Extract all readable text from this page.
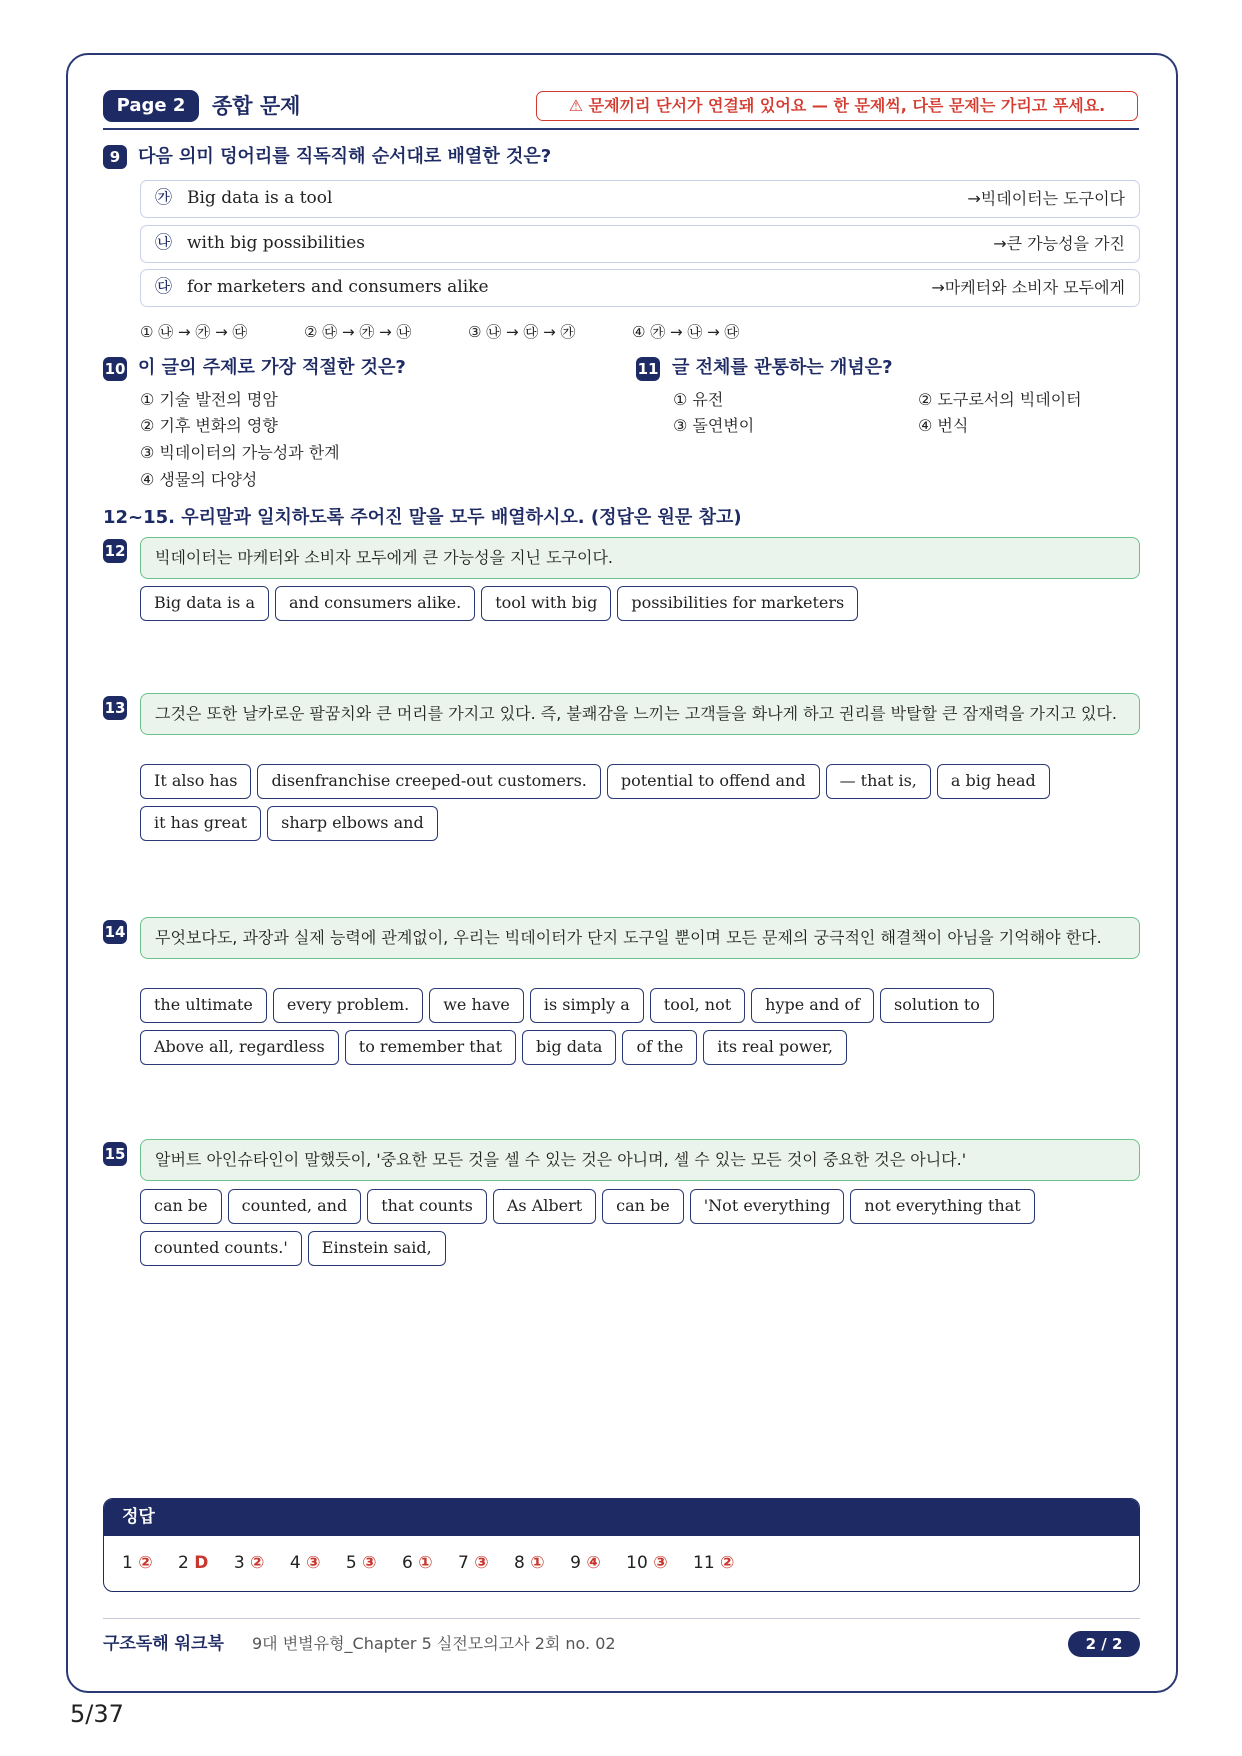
Page 2	종합 문제	⚠ 문제끼리 단서가 연결돼 있어요 — 한 문제씩, 다른 문제는 가리고 푸세요.
9 다음 의미 덩어리를 직독직해 순서대로 배열한 것은?
㉮ Big data is a tool	→빅데이터는 도구이다
㉯ with big possibilities	→큰 가능성을 가진
㉰ for marketers and consumers alike	→마케터와 소비자 모두에게
① ㉯ → ㉮ → ㉰	② ㉰ → ㉮ → ㉯	③ ㉯ → ㉰ → ㉮	④ ㉮ → ㉯ → ㉰
10 이 글의 주제로 가장 적절한 것은?
① 기술 발전의 명암
② 기후 변화의 영향
③ 빅데이터의 가능성과 한계
④ 생물의 다양성
11 글 전체를 관통하는 개념은?
① 유전	② 도구로서의 빅데이터
③ 돌연변이	④ 번식
12~15. 우리말과 일치하도록 주어진 말을 모두 배열하시오. (정답은 원문 참고)
12	빅데이터는 마케터와 소비자 모두에게 큰 가능성을 지닌 도구이다.
Big data is a	and consumers alike.	tool with big	possibilities for marketers
13	그것은 또한 날카로운 팔꿈치와 큰 머리를 가지고 있다. 즉, 불쾌감을 느끼는 고객들을 화나게 하고 권리를 박탈할 큰 잠재력을 가지고 있다.
It also has	disenfranchise creeped-out customers.	potential to offend and	— that is,	a big head
it has great	sharp elbows and
14	무엇보다도, 과장과 실제 능력에 관계없이, 우리는 빅데이터가 단지 도구일 뿐이며 모든 문제의 궁극적인 해결책이 아님을 기억해야 한다.
the ultimate	every problem.	we have	is simply a	tool, not	hype and of	solution to
Above all, regardless	to remember that	big data	of the	its real power,
15	알버트 아인슈타인이 말했듯이, '중요한 모든 것을 셀 수 있는 것은 아니며, 셀 수 있는 모든 것이 중요한 것은 아니다.'
can be	counted, and	that counts	As Albert	can be	'Not everything	not everything that
counted counts.'	Einstein said,
정답
1 ② 2 D 3 ② 4 ③ 5 ③ 6 ① 7 ③ 8 ① 9 ④ 10 ③ 11 ②
구조독해 워크북 9대 변별유형_Chapter 5 실전모의고사 2회 no. 02	2 / 2
5/37
